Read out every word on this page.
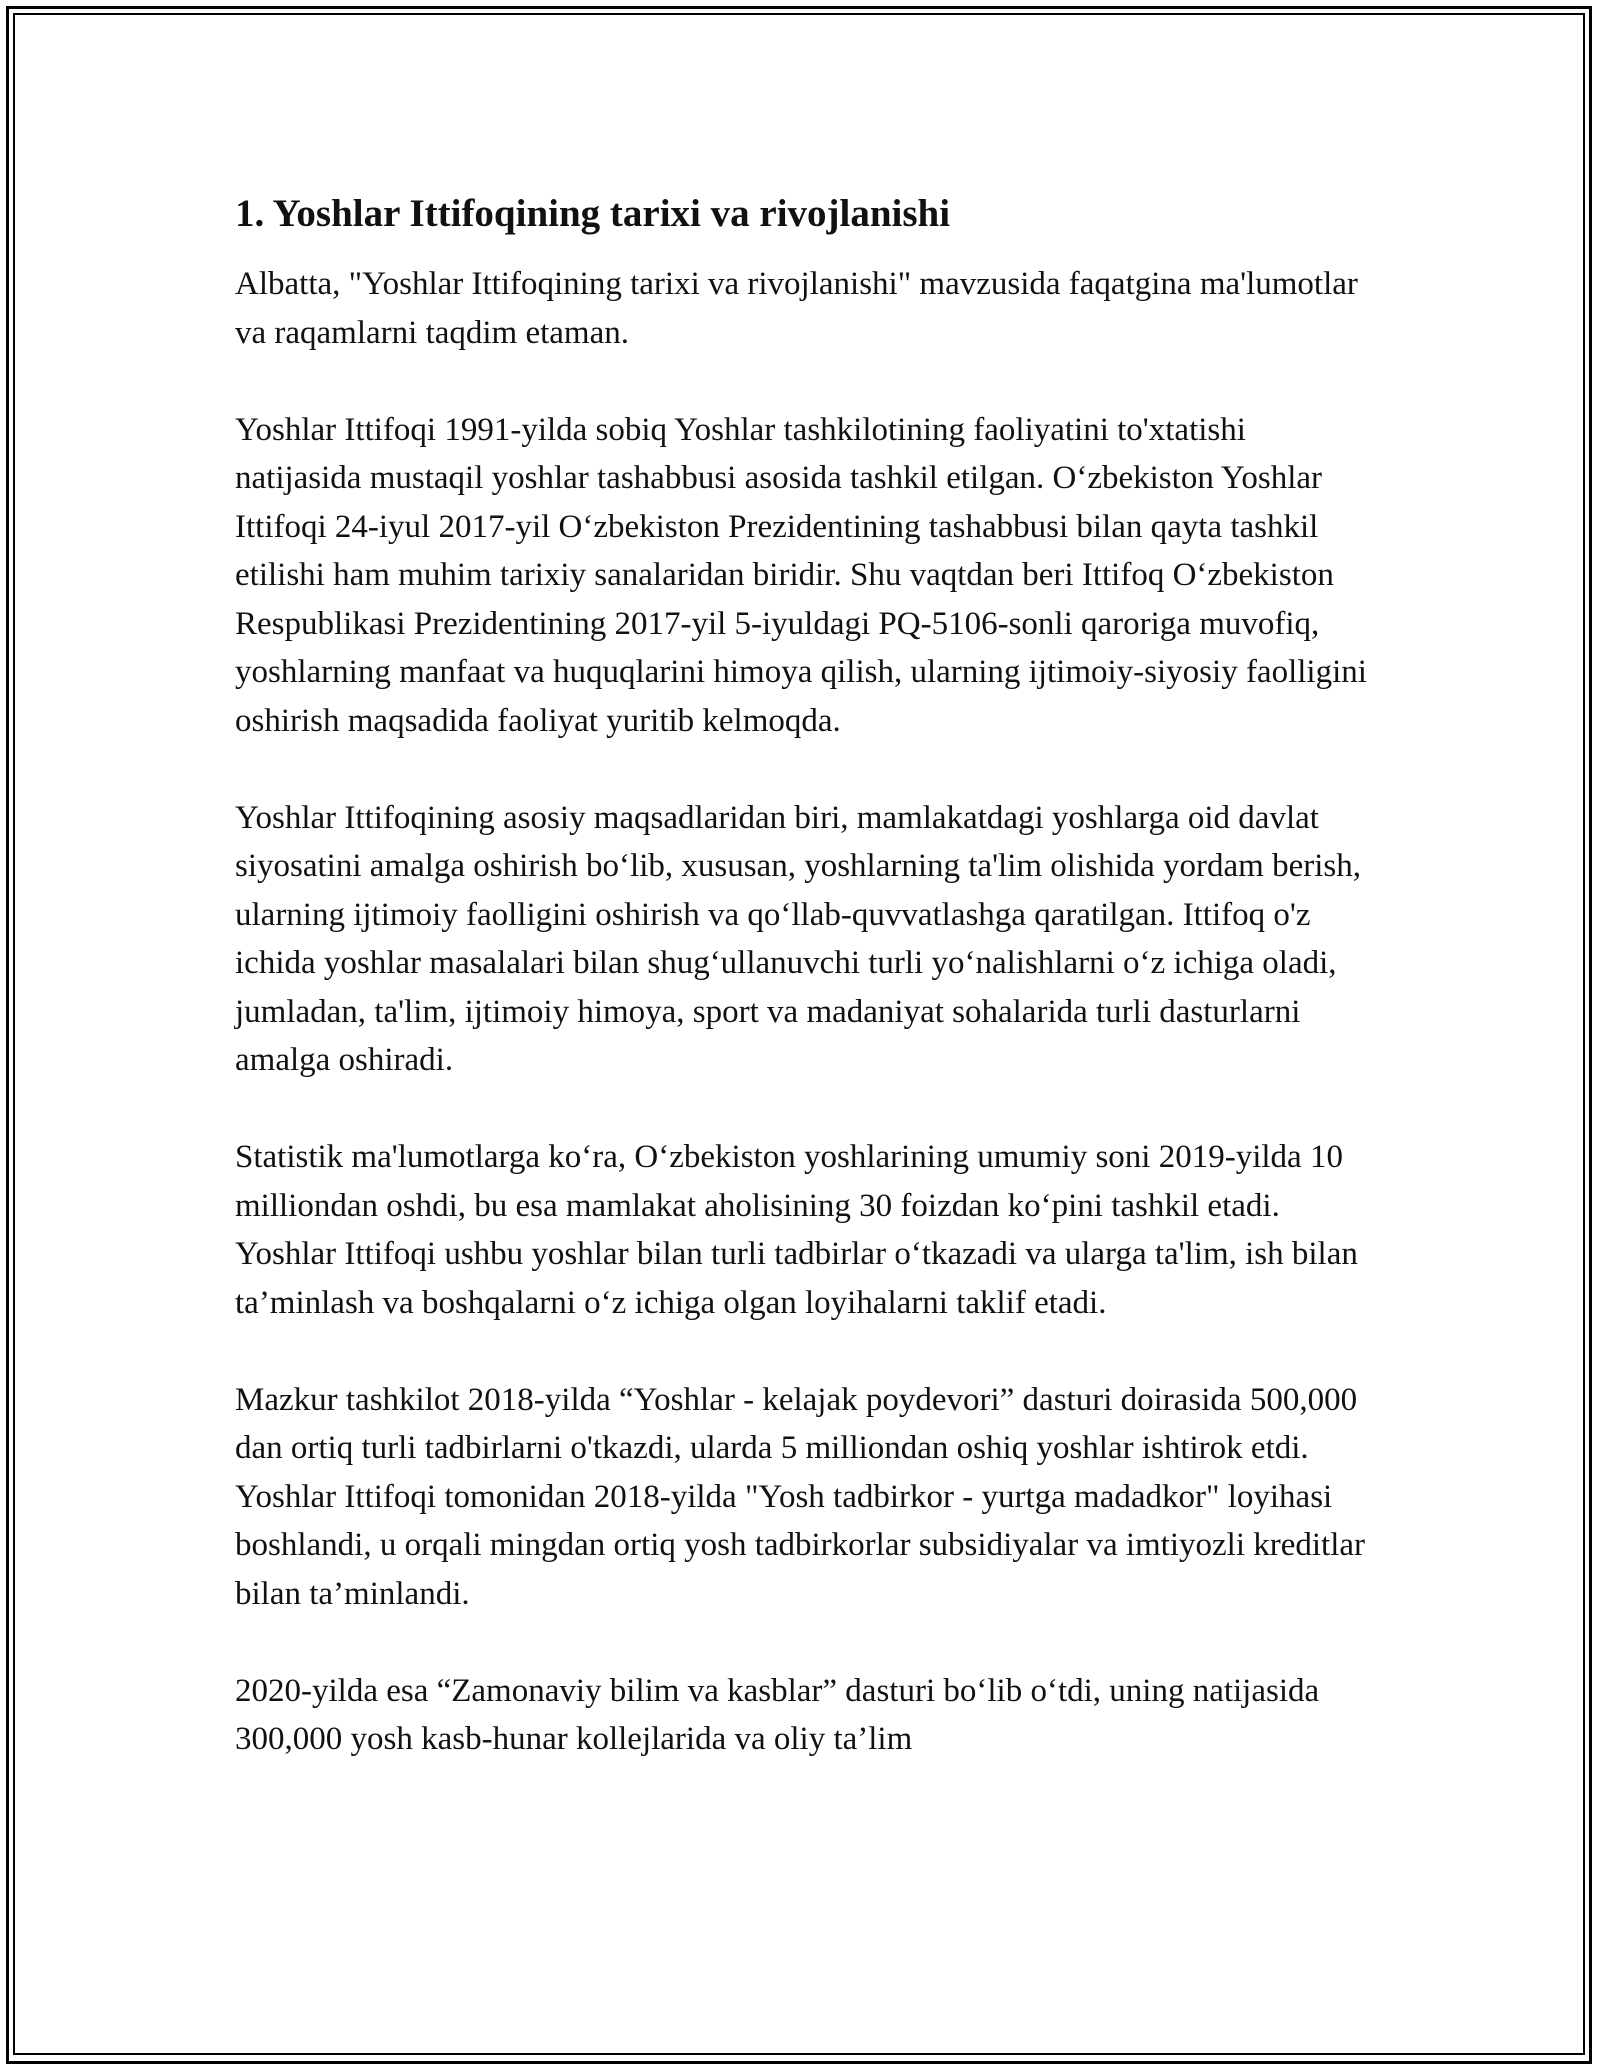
1. Yoshlar Ittifoqining tarixi va rivojlanishi

Albatta, "Yoshlar Ittifoqining tarixi va rivojlanishi" mavzusida faqatgina ma'lumotlar va raqamlarni taqdim etaman.

Yoshlar Ittifoqi 1991-yilda sobiq Yoshlar tashkilotining faoliyatini to'xtatishi natijasida mustaqil yoshlar tashabbusi asosida tashkil etilgan. O‘zbekiston Yoshlar Ittifoqi 24-iyul 2017-yil O‘zbekiston Prezidentining tashabbusi bilan qayta tashkil etilishi ham muhim tarixiy sanalaridan biridir. Shu vaqtdan beri Ittifoq O‘zbekiston Respublikasi Prezidentining 2017-yil 5-iyuldagi PQ-5106-sonli qaroriga muvofiq, yoshlarning manfaat va huquqlarini himoya qilish, ularning ijtimoiy-siyosiy faolligini oshirish maqsadida faoliyat yuritib kelmoqda.

Yoshlar Ittifoqining asosiy maqsadlaridan biri, mamlakatdagi yoshlarga oid davlat siyosatini amalga oshirish bo‘lib, xususan, yoshlarning ta'lim olishida yordam berish, ularning ijtimoiy faolligini oshirish va qo‘llab-quvvatlashga qaratilgan. Ittifoq o'z ichida yoshlar masalalari bilan shug‘ullanuvchi turli yo‘nalishlarni o‘z ichiga oladi, jumladan, ta'lim, ijtimoiy himoya, sport va madaniyat sohalarida turli dasturlarni amalga oshiradi.

Statistik ma'lumotlarga ko‘ra, O‘zbekiston yoshlarining umumiy soni 2019-yilda 10 milliondan oshdi, bu esa mamlakat aholisining 30 foizdan ko‘pini tashkil etadi. Yoshlar Ittifoqi ushbu yoshlar bilan turli tadbirlar o‘tkazadi va ularga ta'lim, ish bilan ta’minlash va boshqalarni o‘z ichiga olgan loyihalarni taklif etadi.

Mazkur tashkilot 2018-yilda “Yoshlar - kelajak poydevori” dasturi doirasida 500,000 dan ortiq turli tadbirlarni o'tkazdi, ularda 5 milliondan oshiq yoshlar ishtirok etdi. Yoshlar Ittifoqi tomonidan 2018-yilda "Yosh tadbirkor - yurtga madadkor" loyihasi boshlandi, u orqali mingdan ortiq yosh tadbirkorlar subsidiyalar va imtiyozli kreditlar bilan ta’minlandi.

2020-yilda esa “Zamonaviy bilim va kasblar” dasturi bo‘lib o‘tdi, uning natijasida 300,000 yosh kasb-hunar kollejlarida va oliy ta’lim
